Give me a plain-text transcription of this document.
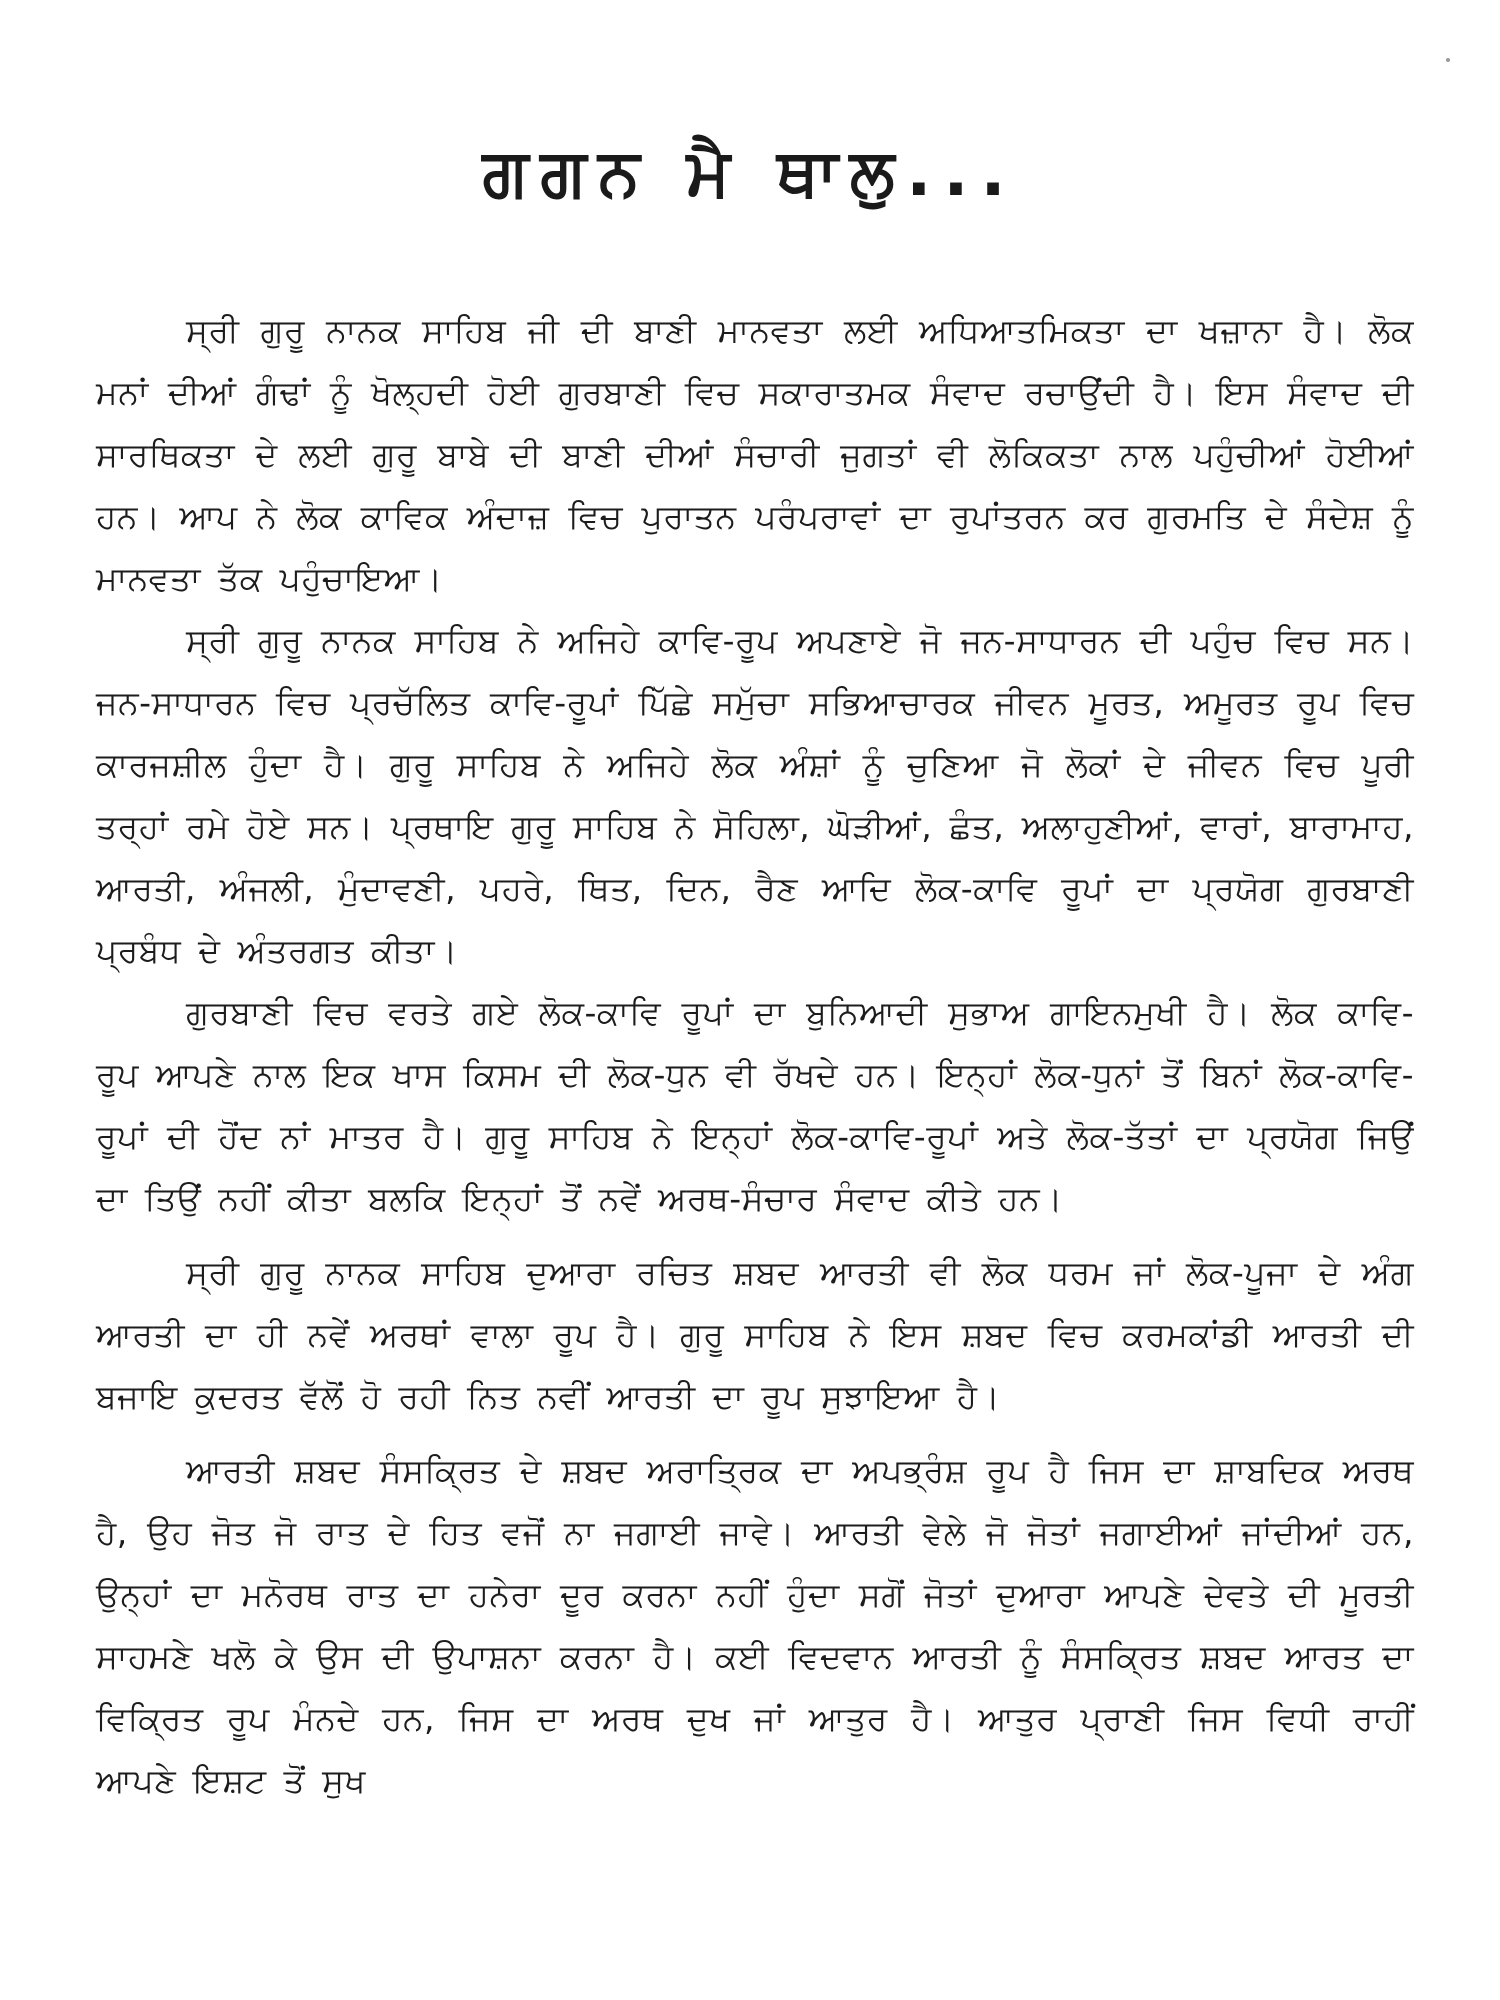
ਗਗਨ ਮੈ ਥਾਲੁ...

ਸ੍ਰੀ ਗੁਰੂ ਨਾਨਕ ਸਾਹਿਬ ਜੀ ਦੀ ਬਾਣੀ ਮਾਨਵਤਾ ਲਈ ਅਧਿਆਤਮਿਕਤਾ ਦਾ ਖਜ਼ਾਨਾ ਹੈ। ਲੋਕ ਮਨਾਂ ਦੀਆਂ ਗੰਢਾਂ ਨੂੰ ਖੋਲ੍ਹਦੀ ਹੋਈ ਗੁਰਬਾਣੀ ਵਿਚ ਸਕਾਰਾਤਮਕ ਸੰਵਾਦ ਰਚਾਉਂਦੀ ਹੈ। ਇਸ ਸੰਵਾਦ ਦੀ ਸਾਰਥਿਕਤਾ ਦੇ ਲਈ ਗੁਰੂ ਬਾਬੇ ਦੀ ਬਾਣੀ ਦੀਆਂ ਸੰਚਾਰੀ ਜੁਗਤਾਂ ਵੀ ਲੋਕਿਕਤਾ ਨਾਲ ਪਹੁੰਚੀਆਂ ਹੋਈਆਂ ਹਨ। ਆਪ ਨੇ ਲੋਕ ਕਾਵਿਕ ਅੰਦਾਜ਼ ਵਿਚ ਪੁਰਾਤਨ ਪਰੰਪਰਾਵਾਂ ਦਾ ਰੁਪਾਂਤਰਨ ਕਰ ਗੁਰਮਤਿ ਦੇ ਸੰਦੇਸ਼ ਨੂੰ ਮਾਨਵਤਾ ਤੱਕ ਪਹੁੰਚਾਇਆ।

ਸ੍ਰੀ ਗੁਰੂ ਨਾਨਕ ਸਾਹਿਬ ਨੇ ਅਜਿਹੇ ਕਾਵਿ-ਰੂਪ ਅਪਣਾਏ ਜੋ ਜਨ-ਸਾਧਾਰਨ ਦੀ ਪਹੁੰਚ ਵਿਚ ਸਨ। ਜਨ-ਸਾਧਾਰਨ ਵਿਚ ਪ੍ਰਚੱਲਿਤ ਕਾਵਿ-ਰੂਪਾਂ ਪਿੱਛੇ ਸਮੁੱਚਾ ਸਭਿਆਚਾਰਕ ਜੀਵਨ ਮੂਰਤ, ਅਮੂਰਤ ਰੂਪ ਵਿਚ ਕਾਰਜਸ਼ੀਲ ਹੁੰਦਾ ਹੈ। ਗੁਰੂ ਸਾਹਿਬ ਨੇ ਅਜਿਹੇ ਲੋਕ ਅੰਸ਼ਾਂ ਨੂੰ ਚੁਣਿਆ ਜੋ ਲੋਕਾਂ ਦੇ ਜੀਵਨ ਵਿਚ ਪੂਰੀ ਤਰ੍ਹਾਂ ਰਮੇ ਹੋਏ ਸਨ। ਪ੍ਰਥਾਇ ਗੁਰੂ ਸਾਹਿਬ ਨੇ ਸੋਹਿਲਾ, ਘੋੜੀਆਂ, ਛੰਤ, ਅਲਾਹੁਣੀਆਂ, ਵਾਰਾਂ, ਬਾਰਾਮਾਹ, ਆਰਤੀ, ਅੰਜਲੀ, ਮੁੰਦਾਵਣੀ, ਪਹਰੇ, ਥਿਤ, ਦਿਨ, ਰੈਣ ਆਦਿ ਲੋਕ-ਕਾਵਿ ਰੂਪਾਂ ਦਾ ਪ੍ਰਯੋਗ ਗੁਰਬਾਣੀ ਪ੍ਰਬੰਧ ਦੇ ਅੰਤਰਗਤ ਕੀਤਾ।

ਗੁਰਬਾਣੀ ਵਿਚ ਵਰਤੇ ਗਏ ਲੋਕ-ਕਾਵਿ ਰੂਪਾਂ ਦਾ ਬੁਨਿਆਦੀ ਸੁਭਾਅ ਗਾਇਨਮੁਖੀ ਹੈ। ਲੋਕ ਕਾਵਿ-ਰੂਪ ਆਪਣੇ ਨਾਲ ਇਕ ਖਾਸ ਕਿਸਮ ਦੀ ਲੋਕ-ਧੁਨ ਵੀ ਰੱਖਦੇ ਹਨ। ਇਨ੍ਹਾਂ ਲੋਕ-ਧੁਨਾਂ ਤੋਂ ਬਿਨਾਂ ਲੋਕ-ਕਾਵਿ-ਰੂਪਾਂ ਦੀ ਹੋਂਦ ਨਾਂ ਮਾਤਰ ਹੈ। ਗੁਰੂ ਸਾਹਿਬ ਨੇ ਇਨ੍ਹਾਂ ਲੋਕ-ਕਾਵਿ-ਰੂਪਾਂ ਅਤੇ ਲੋਕ-ਤੱਤਾਂ ਦਾ ਪ੍ਰਯੋਗ ਜਿਉਂ ਦਾ ਤਿਉਂ ਨਹੀਂ ਕੀਤਾ ਬਲਕਿ ਇਨ੍ਹਾਂ ਤੋਂ ਨਵੇਂ ਅਰਥ-ਸੰਚਾਰ ਸੰਵਾਦ ਕੀਤੇ ਹਨ।

ਸ੍ਰੀ ਗੁਰੂ ਨਾਨਕ ਸਾਹਿਬ ਦੁਆਰਾ ਰਚਿਤ ਸ਼ਬਦ ਆਰਤੀ ਵੀ ਲੋਕ ਧਰਮ ਜਾਂ ਲੋਕ-ਪੂਜਾ ਦੇ ਅੰਗ ਆਰਤੀ ਦਾ ਹੀ ਨਵੇਂ ਅਰਥਾਂ ਵਾਲਾ ਰੂਪ ਹੈ। ਗੁਰੂ ਸਾਹਿਬ ਨੇ ਇਸ ਸ਼ਬਦ ਵਿਚ ਕਰਮਕਾਂਡੀ ਆਰਤੀ ਦੀ ਬਜਾਇ ਕੁਦਰਤ ਵੱਲੋਂ ਹੋ ਰਹੀ ਨਿਤ ਨਵੀਂ ਆਰਤੀ ਦਾ ਰੂਪ ਸੁਝਾਇਆ ਹੈ।

ਆਰਤੀ ਸ਼ਬਦ ਸੰਸਕ੍ਰਿਤ ਦੇ ਸ਼ਬਦ ਅਰਾਤ੍ਰਿਕ ਦਾ ਅਪਭ੍ਰੰਸ਼ ਰੂਪ ਹੈ ਜਿਸ ਦਾ ਸ਼ਾਬਦਿਕ ਅਰਥ ਹੈ, ਉਹ ਜੋਤ ਜੋ ਰਾਤ ਦੇ ਹਿਤ ਵਜੋਂ ਨਾ ਜਗਾਈ ਜਾਵੇ। ਆਰਤੀ ਵੇਲੇ ਜੋ ਜੋਤਾਂ ਜਗਾਈਆਂ ਜਾਂਦੀਆਂ ਹਨ, ਉਨ੍ਹਾਂ ਦਾ ਮਨੋਰਥ ਰਾਤ ਦਾ ਹਨੇਰਾ ਦੂਰ ਕਰਨਾ ਨਹੀਂ ਹੁੰਦਾ ਸਗੋਂ ਜੋਤਾਂ ਦੁਆਰਾ ਆਪਣੇ ਦੇਵਤੇ ਦੀ ਮੂਰਤੀ ਸਾਹਮਣੇ ਖਲੋ ਕੇ ਉਸ ਦੀ ਉਪਾਸ਼ਨਾ ਕਰਨਾ ਹੈ। ਕਈ ਵਿਦਵਾਨ ਆਰਤੀ ਨੂੰ ਸੰਸਕ੍ਰਿਤ ਸ਼ਬਦ ਆਰਤ ਦਾ ਵਿਕ੍ਰਿਤ ਰੂਪ ਮੰਨਦੇ ਹਨ, ਜਿਸ ਦਾ ਅਰਥ ਦੁਖ ਜਾਂ ਆਤੁਰ ਹੈ। ਆਤੁਰ ਪ੍ਰਾਣੀ ਜਿਸ ਵਿਧੀ ਰਾਹੀਂ ਆਪਣੇ ਇਸ਼ਟ ਤੋਂ ਸੁਖ
